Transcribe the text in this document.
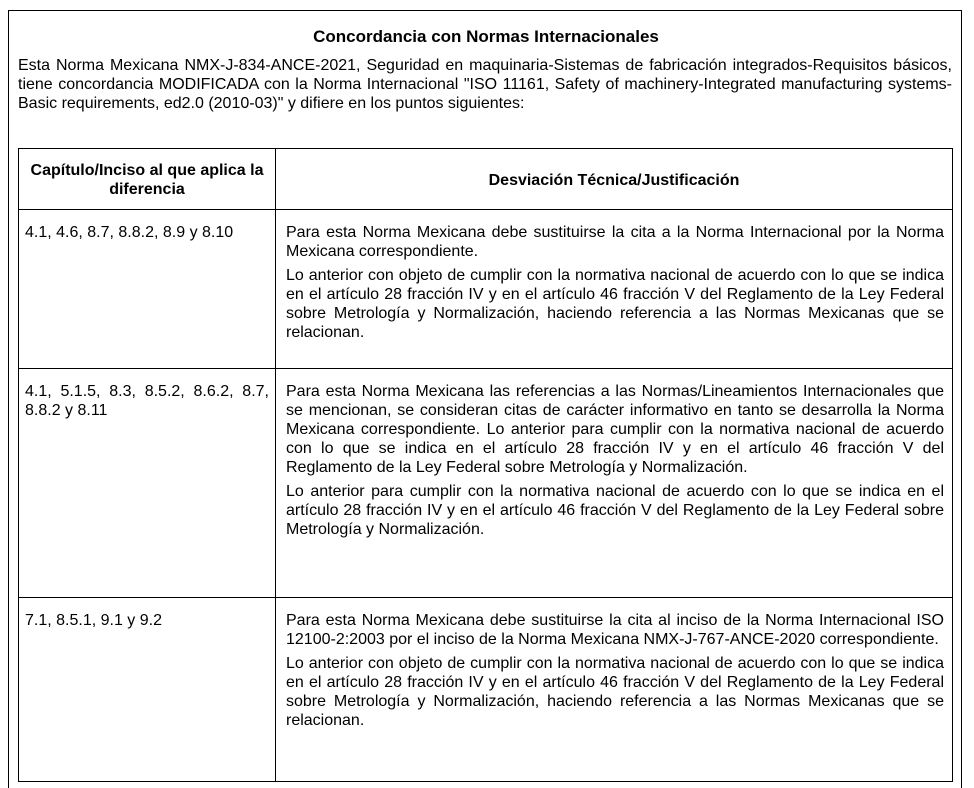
Concordancia con Normas Internacionales
Esta Norma Mexicana NMX-J-834-ANCE-2021, Seguridad en maquinaria-Sistemas de fabricación integrados-Requisitos básicos, tiene concordancia MODIFICADA con la Norma Internacional "ISO 11161, Safety of machinery-Integrated manufacturing systems-Basic requirements, ed2.0 (2010-03)" y difiere en los puntos siguientes:
Capítulo/Inciso al que aplica la diferencia	Desviación Técnica/Justificación
4.1, 4.6, 8.7, 8.8.2, 8.9 y 8.10	Para esta Norma Mexicana debe sustituirse la cita a la Norma Internacional por la Norma Mexicana correspondiente.

Lo anterior con objeto de cumplir con la normativa nacional de acuerdo con lo que se indica en el artículo 28 fracción IV y en el artículo 46 fracción V del Reglamento de la Ley Federal sobre Metrología y Normalización, haciendo referencia a las Normas Mexicanas que se relacionan.

4.1, 5.1.5, 8.3, 8.5.2, 8.6.2, 8.7, 8.8.2 y 8.11	Para esta Norma Mexicana las referencias a las Normas/Lineamientos Internacionales que se mencionan, se consideran citas de carácter informativo en tanto se desarrolla la Norma Mexicana correspondiente. Lo anterior para cumplir con la normativa nacional de acuerdo con lo que se indica en el artículo 28 fracción IV y en el artículo 46 fracción V del Reglamento de la Ley Federal sobre Metrología y Normalización.

Lo anterior para cumplir con la normativa nacional de acuerdo con lo que se indica en el artículo 28 fracción IV y en el artículo 46 fracción V del Reglamento de la Ley Federal sobre Metrología y Normalización.

7.1, 8.5.1, 9.1 y 9.2	Para esta Norma Mexicana debe sustituirse la cita al inciso de la Norma Internacional ISO 12100-2:2003 por el inciso de la Norma Mexicana NMX-J-767-ANCE-2020 correspondiente.

Lo anterior con objeto de cumplir con la normativa nacional de acuerdo con lo que se indica en el artículo 28 fracción IV y en el artículo 46 fracción V del Reglamento de la Ley Federal sobre Metrología y Normalización, haciendo referencia a las Normas Mexicanas que se relacionan.
